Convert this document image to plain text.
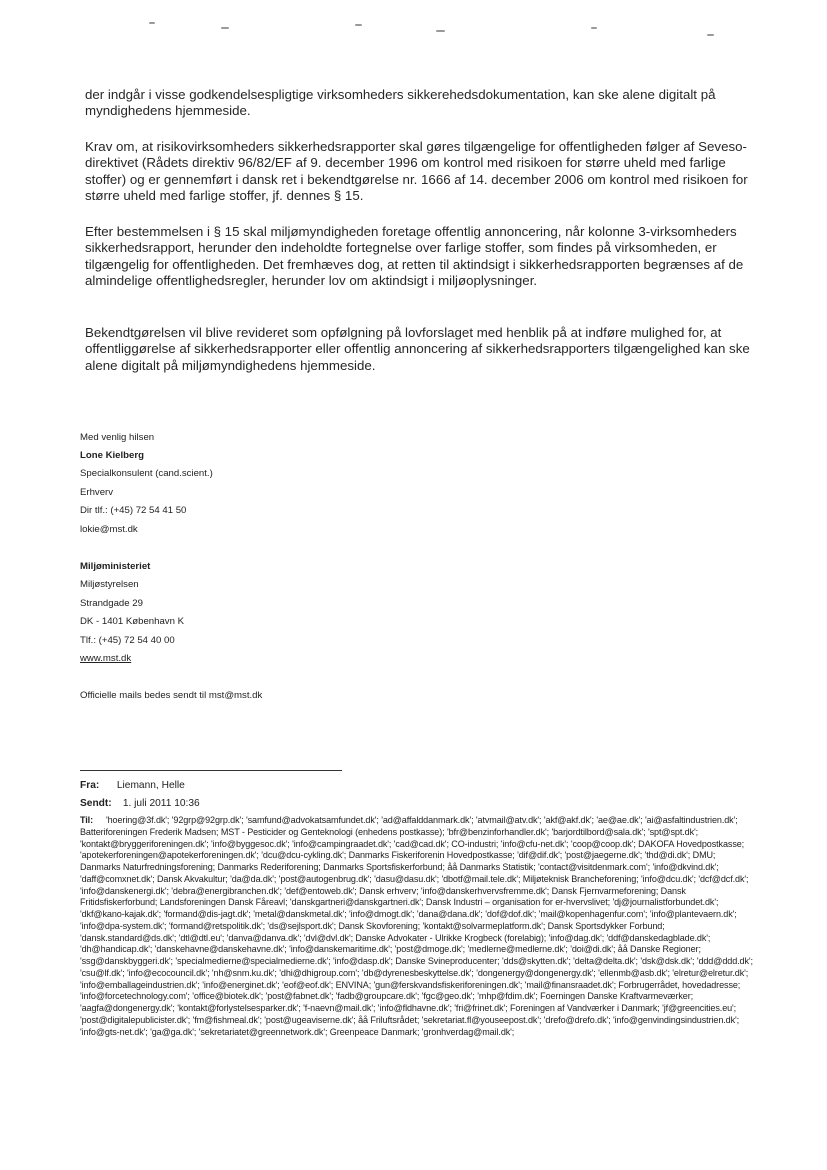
der indgår i visse godkendelsespligtige virksomheders sikkerehedsdokumentation, kan ske alene digitalt på myndighedens hjemmeside.

Krav om, at risikovirksomheders sikkerhedsrapporter skal gøres tilgængelige for offentligheden følger af Seveso-direktivet (Rådets direktiv 96/82/EF af 9. december 1996 om kontrol med risikoen for større uheld med farlige stoffer) og er gennemført i dansk ret i bekendtgørelse nr. 1666 af 14. december 2006 om kontrol med risikoen for større uheld med farlige stoffer, jf. dennes § 15.

Efter bestemmelsen i § 15 skal miljømyndigheden foretage offentlig annoncering, når kolonne 3-virksomheders sikkerhedsrapport, herunder den indeholdte fortegnelse over farlige stoffer, som findes på virksomheden, er tilgængelig for offentligheden. Det fremhæves dog, at retten til aktindsigt i sikkerhedsrapporten begrænses af de almindelige offentlighedsregler, herunder lov om aktindsigt i miljøoplysninger.

Bekendtgørelsen vil blive revideret som opfølgning på lovforslaget med henblik på at indføre mulighed for, at offentliggørelse af sikkerhedsrapporter eller offentlig annoncering af sikkerhedsrapporters tilgængelighed kan ske alene digitalt på miljømyndighedens hjemmeside.

Med venlig hilsen
Lone Kielberg
Specialkonsulent (cand.scient.)
Erhverv
Dir tlf.: (+45) 72 54 41 50
lokie@mst.dk
Miljøministeriet
Miljøstyrelsen
Strandgade 29
DK - 1401 København K
Tlf.: (+45) 72 54 40 00
www.mst.dk
Officielle mails bedes sendt til mst@mst.dk
Fra: Liemann, Helle
Sendt: 1. juli 2011 10:36

Til: 'hoering@3f.dk'; '92grp@92grp.dk'; 'samfund@advokatsamfundet.dk'; 'ad@affalddanmark.dk'; 'atvmail@atv.dk'; 'akf@akf.dk'; 'ae@ae.dk'; 'ai@asfaltindustrien.dk'; Batteriforeningen Frederik Madsen; MST - Pesticider og Genteknologi (enhedens postkasse); 'bfr@benzinforhandler.dk'; 'barjordtilbord@sala.dk'; 'spt@spt.dk'; 'kontakt@bryggeriforeningen.dk'; 'info@byggesoc.dk'; 'info@campingraadet.dk'; 'cad@cad.dk'; CO-industri; 'info@cfu-net.dk'; 'coop@coop.dk'; DAKOFA Hovedpostkasse; 'apotekerforeningen@apotekerforeningen.dk'; 'dcu@dcu-cykling.dk'; Danmarks Fiskeriforenin Hovedpostkasse; 'dif@dif.dk'; 'post@jaegerne.dk'; 'thd@di.dk'; DMU; Danmarks Naturfredningsforening; Danmarks Rederiforening; Danmarks Sportsfiskerforbund; åå Danmarks Statistik; 'contact@visitdenmark.com'; 'info@dkvind.dk'; 'daff@comxnet.dk'; Dansk Akvakultur; 'da@da.dk'; 'post@autogenbrug.dk'; 'dasu@dasu.dk'; 'dbotf@mail.tele.dk'; Miljøteknisk Brancheforening; 'info@dcu.dk'; 'dcf@dcf.dk'; 'info@danskenergi.dk'; 'debra@energibranchen.dk'; 'def@entoweb.dk'; Dansk erhverv; 'info@danskerhvervsfremme.dk'; Dansk Fjernvarmeforening; Dansk Fritidsfiskerforbund; Landsforeningen Dansk Fåreavl; 'danskgartneri@danskgartneri.dk'; Dansk Industri – organisation for er-hvervslivet; 'dj@journalistforbundet.dk'; 'dkf@kano-kajak.dk'; 'formand@dis-jagt.dk'; 'metal@danskmetal.dk'; 'info@dmogt.dk'; 'dana@dana.dk'; 'dof@dof.dk'; 'mail@kopenhagenfur.com'; 'info@plantevaern.dk'; 'info@dpa-system.dk'; 'formand@retspolitik.dk'; 'ds@sejlsport.dk'; Dansk Skovforening; 'kontakt@solvarmeplatform.dk'; Dansk Sportsdykker Forbund; 'dansk.standard@ds.dk'; 'dtl@dtl.eu'; 'danva@danva.dk'; 'dvl@dvl.dk'; Danske Advokater - Ulrikke Krogbeck (forelabig); 'info@dag.dk'; 'ddf@danskedagblade.dk'; 'dh@handicap.dk'; 'danskehavne@danskehavne.dk'; 'info@danskemaritime.dk'; 'post@dmoge.dk'; 'medlerne@medlerne.dk'; 'doi@di.dk'; åå Danske Regioner; 'ssg@danskbyggeri.dk'; 'specialmedierne@specialmedierne.dk'; 'info@dasp.dk'; Danske Svineproducenter; 'dds@skytten.dk'; 'delta@delta.dk'; 'dsk@dsk.dk'; 'ddd@ddd.dk'; 'csu@lf.dk'; 'info@ecocouncil.dk'; 'nh@snm.ku.dk'; 'dhi@dhigroup.com'; 'db@dyrenesbeskyttelse.dk'; 'dongenergy@dongenergy.dk'; 'ellenmb@asb.dk'; 'elretur@elretur.dk'; 'info@emballageindustrien.dk'; 'info@energinet.dk'; 'eof@eof.dk'; ENVINA; 'gun@ferskvandsfiskeriforeningen.dk'; 'mail@finansraadet.dk'; Forbrugerrådet, hovedadresse; 'info@forcetechnology.com'; 'office@biotek.dk'; 'post@fabnet.dk'; 'fadb@groupcare.dk'; 'fgc@geo.dk'; 'mhp@fdim.dk'; Foerningen Danske Kraftvarmeværker; 'aagfa@dongenergy.dk'; 'kontakt@forlystelsesparker.dk'; 'f-naevn@mail.dk'; 'info@fldhavne.dk'; 'fri@frinet.dk'; Foreningen af Vandværker i Danmark; 'jf@greencities.eu'; 'post@digitalepublicister.dk'; 'fm@fishmeal.dk'; 'post@ugeaviserne.dk'; åå Friluftsrådet; 'sekretariat.fl@youseepost.dk'; 'drefo@drefo.dk'; 'info@genvindingsindustrien.dk'; 'info@gts-net.dk'; 'ga@ga.dk'; 'sekretariatet@greennetwork.dk'; Greenpeace Danmark; 'gronhverdag@mail.dk';
